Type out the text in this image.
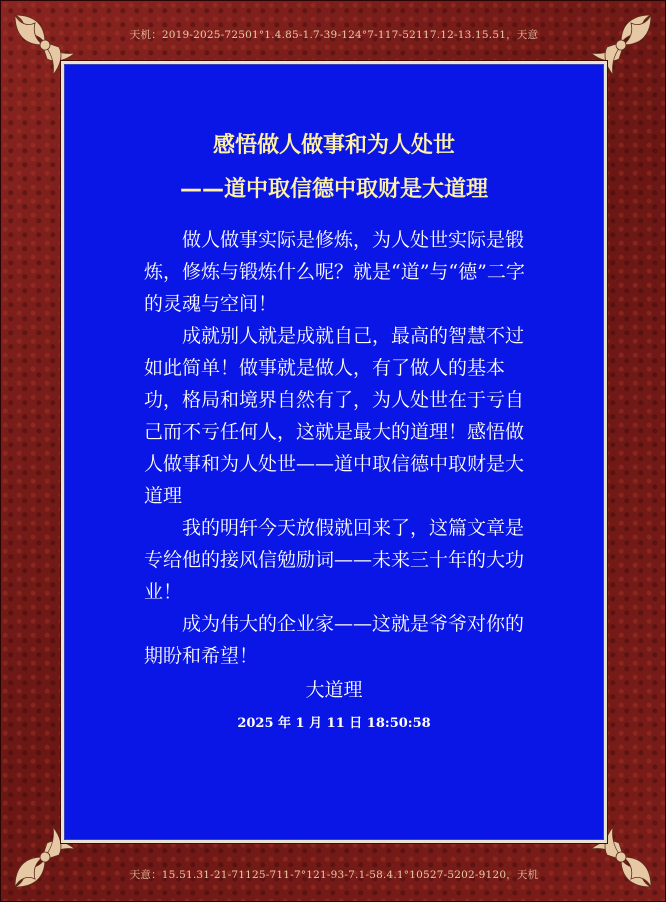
天机：2019-2025-72501°1.4.85-1.7-39-124°7-117-52117.12-13.15.51，天意
感悟做人做事和为人处世
——道中取信德中取财是大道理

做人做事实际是修炼，为人处世实际是锻炼，修炼与锻炼什么呢？就是“道”与“德”二字的灵魂与空间！

成就别人就是成就自己，最高的智慧不过如此简单！做事就是做人，有了做人的基本功，格局和境界自然有了，为人处世在于亏自己而不亏任何人，这就是最大的道理！感悟做人做事和为人处世——道中取信德中取财是大道理

我的明轩今天放假就回来了，这篇文章是专给他的接风信勉励词——未来三十年的大功业！

成为伟大的企业家——这就是爷爷对你的期盼和希望！

大道理
2025 年 1 月 11 日 18:50:58
天意：15.51.31-21-71125-711-7°121-93-7.1-58.4.1°10527-5202-9120，天机
